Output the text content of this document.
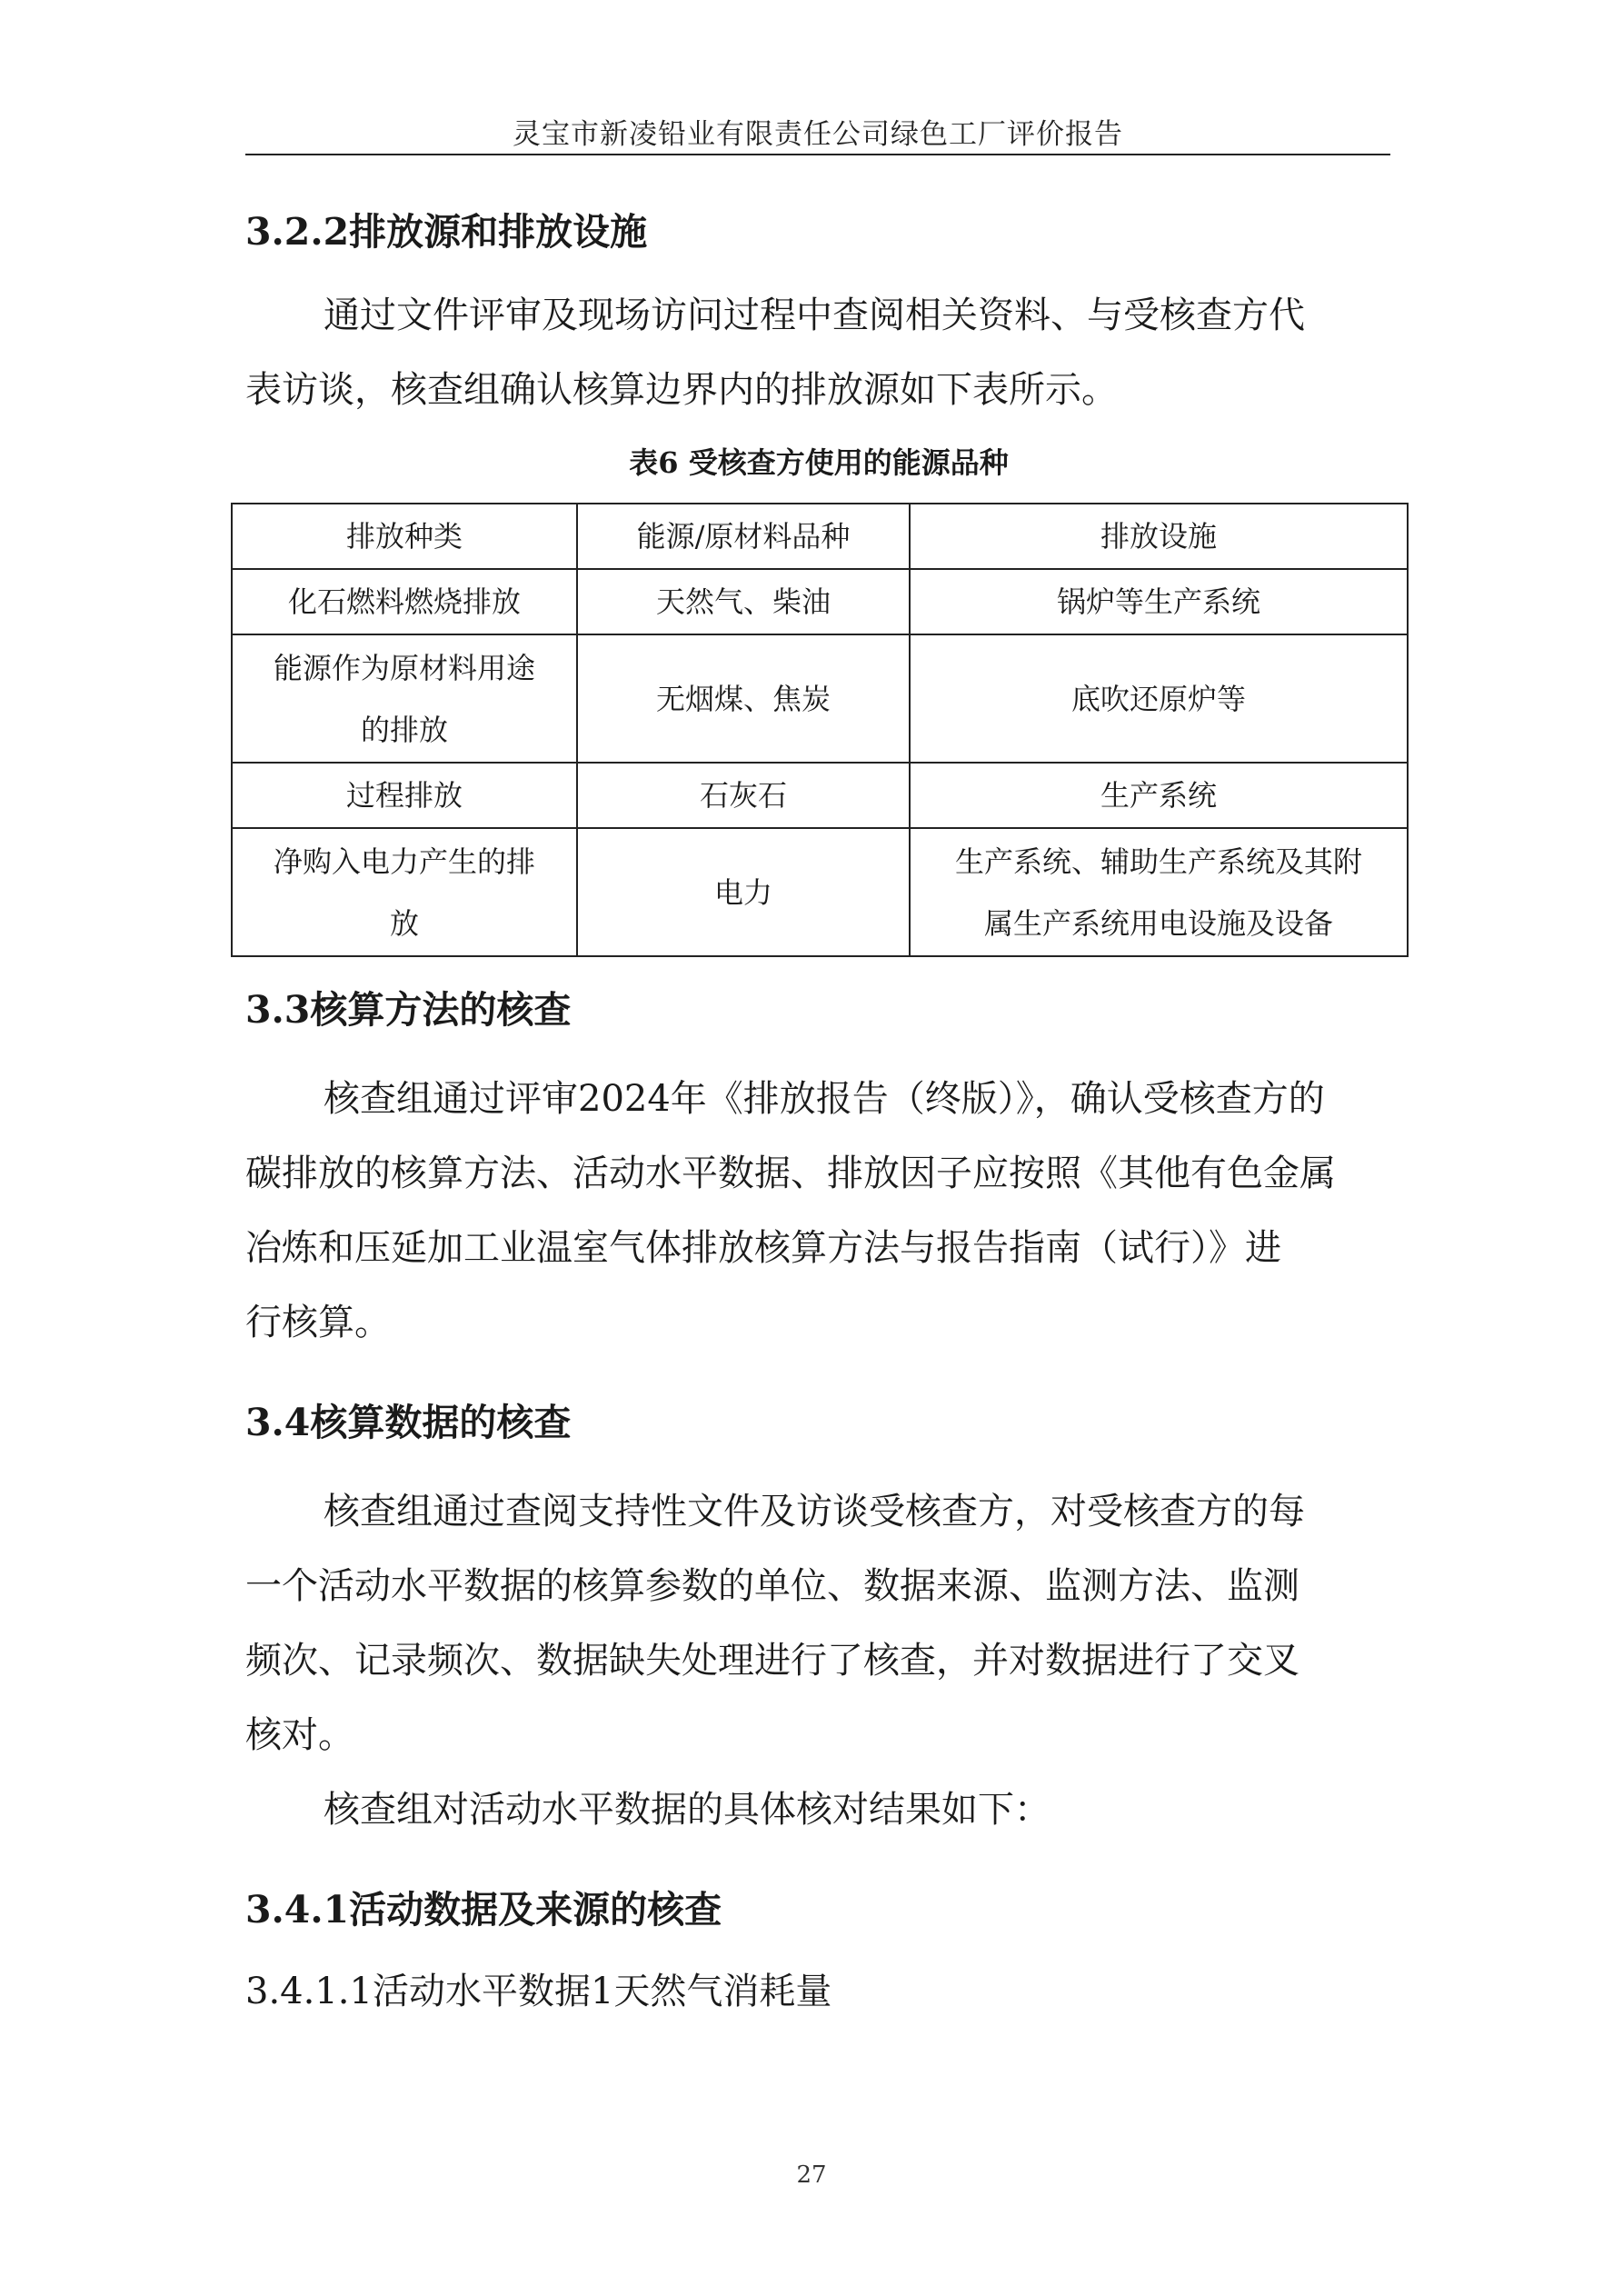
灵宝市新凌铅业有限责任公司绿色工厂评价报告
3.2.2排放源和排放设施
通过文件评审及现场访问过程中查阅相关资料、与受核查方代
表访谈，核查组确认核算边界内的排放源如下表所示。
表6 受核查方使用的能源品种
排放种类	能源/原材料品种	排放设施
化石燃料燃烧排放	天然气、柴油	锅炉等生产系统

能源作为原材料用途
的排放	无烟煤、焦炭	底吹还原炉等
过程排放	石灰石	生产系统

净购入电力产生的排
放	电力	生产系统、辅助生产系统及其附
属生产系统用电设施及设备
3.3核算方法的核查
核查组通过评审2024年《排放报告（终版）》，确认受核查方的
碳排放的核算方法、活动水平数据、排放因子应按照《其他有色金属
冶炼和压延加工业温室气体排放核算方法与报告指南（试行）》进
行核算。
3.4核算数据的核查
核查组通过查阅支持性文件及访谈受核查方，对受核查方的每
一个活动水平数据的核算参数的单位、数据来源、监测方法、监测
频次、记录频次、数据缺失处理进行了核查，并对数据进行了交叉
核对。
核查组对活动水平数据的具体核对结果如下：
3.4.1活动数据及来源的核查
3.4.1.1活动水平数据1天然气消耗量
27
